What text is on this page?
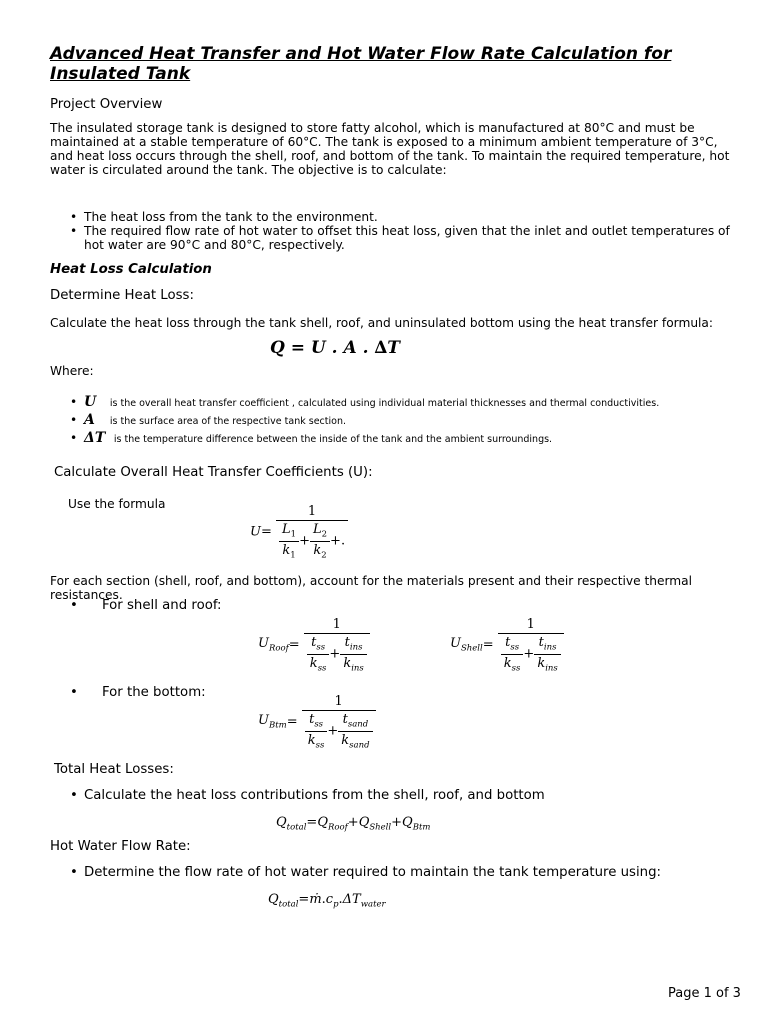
Advanced Heat Transfer and Hot Water Flow Rate Calculation for Insulated Tank
Project Overview
The insulated storage tank is designed to store fatty alcohol, which is manufactured at 80°C and must be maintained at a stable temperature of 60°C. The tank is exposed to a minimum ambient temperature of 3°C, and heat loss occurs through the shell, roof, and bottom of the tank. To maintain the required temperature, hot water is circulated around the tank. The objective is to calculate:
• The heat loss from the tank to the environment.
• The required flow rate of hot water to offset this heat loss, given that the inlet and outlet temperatures of hot water are 90°C and 80°C, respectively.
Heat Loss Calculation
Determine Heat Loss:
Calculate the heat loss through the tank shell, roof, and uninsulated bottom using the heat transfer formula:
Q = U . A . ∆T
Where:
• U is the overall heat transfer coefficient , calculated using individual material thicknesses and thermal conductivities.
• A is the surface area of the respective tank section.
• ΔT is the temperature difference between the inside of the tank and the ambient surroundings.
Calculate Overall Heat Transfer Coefficients (U):
Use the formula
$U= \frac{1}{\frac{L_1}{k_1} + \frac{L_2}{k_2} +.}$
For each section (shell, roof, and bottom), account for the materials present and their respective thermal resistances.
• For shell and roof:
$U_{Roof}= \frac{1}{\frac{t_{ss}}{k_{ss}} + \frac{t_{ins}}{k_{ins}}}$	$U_{Shell}= \frac{1}{\frac{t_{ss}}{k_{ss}} + \frac{t_{ins}}{k_{ins}}}$
• For the bottom:
$U_{Btm}= \frac{1}{\frac{t_{ss}}{k_{ss}} + \frac{t_{sand}}{k_{sand}}}$
Total Heat Losses:
• Calculate the heat loss contributions from the shell, roof, and bottom
$Q_{total}=Q_{Roof}+Q_{Shell}+Q_{Btm}$
Hot Water Flow Rate:
• Determine the flow rate of hot water required to maintain the tank temperature using:
$Q_{total}=ṁ.c_p.\Delta T_{water}$
Page 1 of 3
